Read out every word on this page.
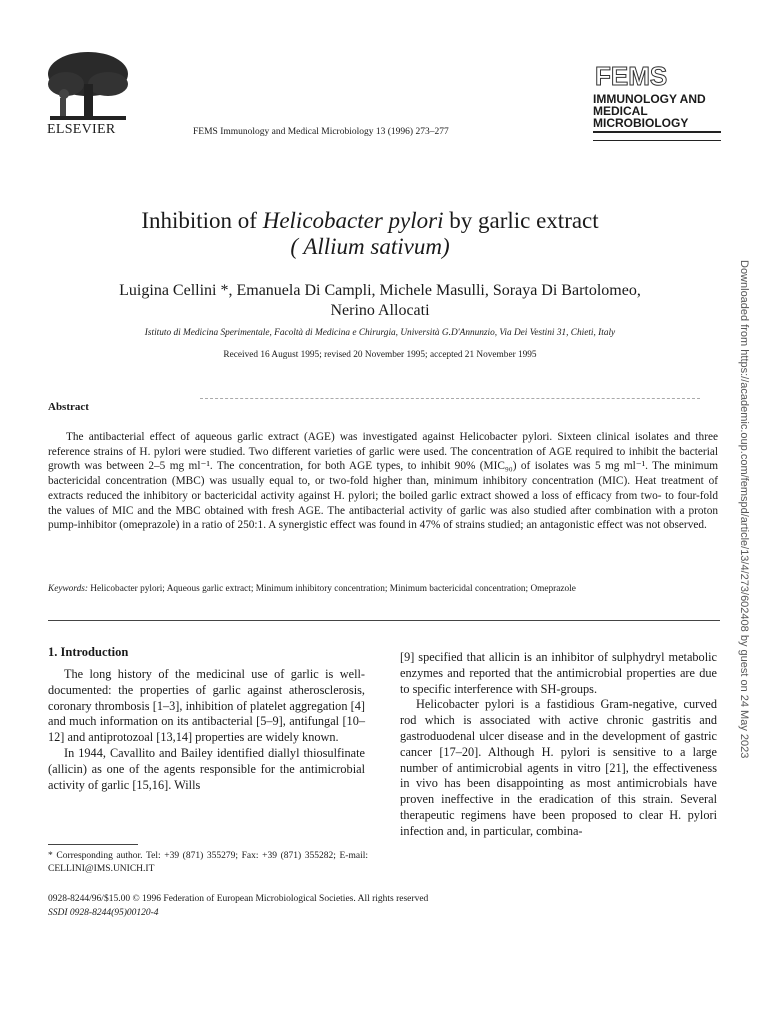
ELSEVIER	FEMS Immunology and Medical Microbiology 13 (1996) 273–277
FEMS
IMMUNOLOGY AND
MEDICAL
MICROBIOLOGY
Inhibition of Helicobacter pylori by garlic extract
( Allium sativum)
Luigina Cellini *, Emanuela Di Campli, Michele Masulli, Soraya Di Bartolomeo,
Nerino Allocati
Istituto di Medicina Sperimentale, Facoltà di Medicina e Chirurgia, Università G.D'Annunzio, Via Dei Vestini 31, Chieti, Italy
Received 16 August 1995; revised 20 November 1995; accepted 21 November 1995
Abstract
The antibacterial effect of aqueous garlic extract (AGE) was investigated against Helicobacter pylori. Sixteen clinical isolates and three reference strains of H. pylori were studied. Two different varieties of garlic were used. The concentration of AGE required to inhibit the bacterial growth was between 2–5 mg ml⁻¹. The concentration, for both AGE types, to inhibit 90% (MIC₉₀) of isolates was 5 mg ml⁻¹. The minimum bactericidal concentration (MBC) was usually equal to, or two-fold higher than, minimum inhibitory concentration (MIC). Heat treatment of extracts reduced the inhibitory or bactericidal activity against H. pylori; the boiled garlic extract showed a loss of efficacy from two- to four-fold the values of MIC and the MBC obtained with fresh AGE. The antibacterial activity of garlic was also studied after combination with a proton pump-inhibitor (omeprazole) in a ratio of 250:1. A synergistic effect was found in 47% of strains studied; an antagonistic effect was not observed.
Keywords: Helicobacter pylori; Aqueous garlic extract; Minimum inhibitory concentration; Minimum bactericidal concentration; Omeprazole
1. Introduction

The long history of the medicinal use of garlic is well-documented: the properties of garlic against atherosclerosis, coronary thrombosis [1–3], inhibition of platelet aggregation [4] and much information on its antibacterial [5–9], antifungal [10–12] and antiprotozoal [13,14] properties are widely known.

In 1944, Cavallito and Bailey identified diallyl thiosulfinate (allicin) as one of the agents responsible for the antimicrobial activity of garlic [15,16]. Wills

[9] specified that allicin is an inhibitor of sulphydryl metabolic enzymes and reported that the antimicrobial properties are due to specific interference with SH-groups.

Helicobacter pylori is a fastidious Gram-negative, curved rod which is associated with active chronic gastritis and gastroduodenal ulcer disease and in the development of gastric cancer [17–20]. Although H. pylori is sensitive to a large number of antimicrobial agents in vitro [21], the effectiveness in vivo has been disappointing as most antimicrobials have proven ineffective in the eradication of this strain. Several therapeutic regimens have been proposed to clear H. pylori infection and, in particular, combina-

* Corresponding author. Tel: +39 (871) 355279; Fax: +39 (871) 355282; E-mail: CELLINI@IMS.UNICH.IT
0928-8244/96/$15.00 © 1996 Federation of European Microbiological Societies. All rights reserved
SSDI 0928-8244(95)00120-4
Downloaded from https://academic.oup.com/femspd/article/13/4/273/602408 by guest on 24 May 2023
